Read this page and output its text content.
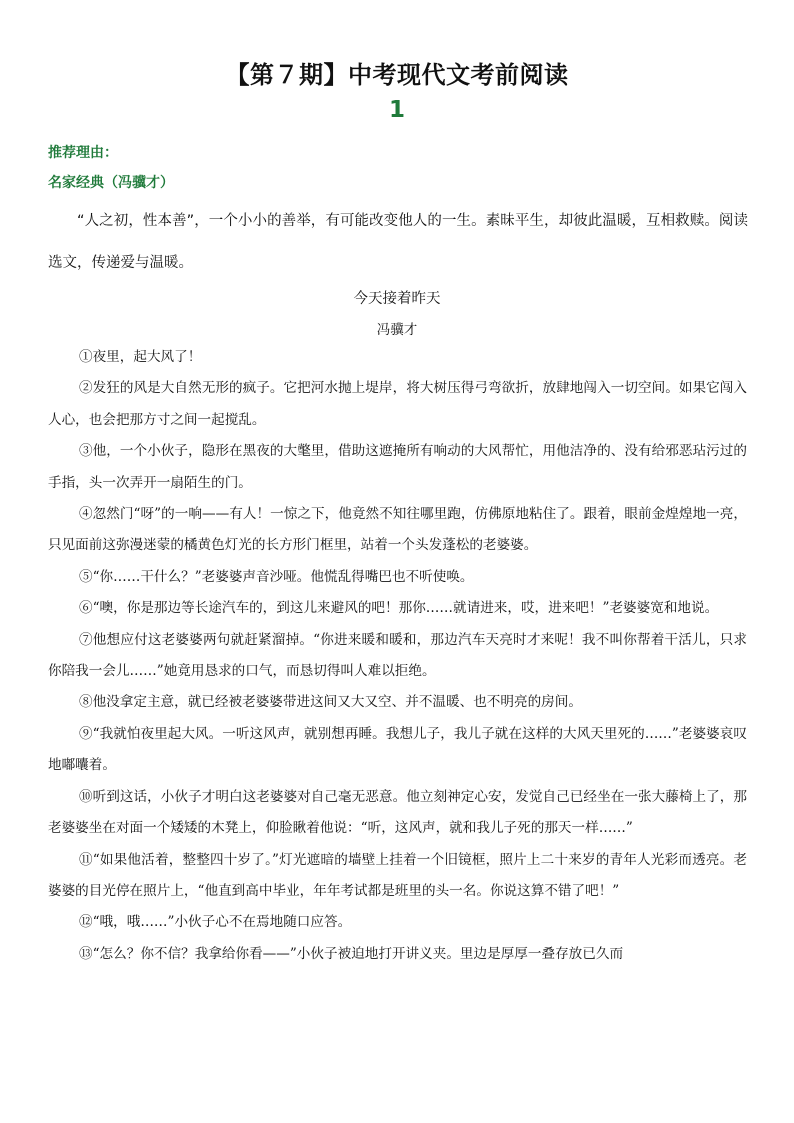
【第７期】中考现代文考前阅读
1
推荐理由：
名家经典（冯骥才）
“人之初，性本善”，一个小小的善举，有可能改变他人的一生。素昧平生，却彼此温暖，互相救赎。阅读选文，传递爱与温暖。
今天接着昨天
冯骥才

①夜里，起大风了！

②发狂的风是大自然无形的疯子。它把河水抛上堤岸，将大树压得弓弯欲折，放肆地闯入一切空间。如果它闯入人心，也会把那方寸之间一起搅乱。

③他，一个小伙子，隐形在黑夜的大氅里，借助这遮掩所有响动的大风帮忙，用他洁净的、没有给邪恶玷污过的手指，头一次弄开一扇陌生的门。

④忽然门“呀”的一响——有人！一惊之下，他竟然不知往哪里跑，仿佛原地粘住了。跟着，眼前金煌煌地一亮，只见面前这弥漫迷蒙的橘黄色灯光的长方形门框里，站着一个头发蓬松的老婆婆。

⑤“你……干什么？”老婆婆声音沙哑。他慌乱得嘴巴也不听使唤。

⑥“噢，你是那边等长途汽车的，到这儿来避风的吧！那你……就请进来，哎，进来吧！”老婆婆宽和地说。

⑦他想应付这老婆婆两句就赶紧溜掉。“你进来暖和暖和，那边汽车天亮时才来呢！我不叫你帮着干活儿，只求你陪我一会儿……”她竟用恳求的口气，而恳切得叫人难以拒绝。

⑧他没拿定主意，就已经被老婆婆带进这间又大又空、并不温暖、也不明亮的房间。

⑨“我就怕夜里起大风。一听这风声，就别想再睡。我想儿子，我儿子就在这样的大风天里死的……”老婆婆哀叹地嘟囔着。

⑩听到这话，小伙子才明白这老婆婆对自己毫无恶意。他立刻神定心安，发觉自己已经坐在一张大藤椅上了，那老婆婆坐在对面一个矮矮的木凳上，仰脸瞅着他说：“听，这风声，就和我儿子死的那天一样……”

⑪“如果他活着，整整四十岁了。”灯光遮暗的墙壁上挂着一个旧镜框，照片上二十来岁的青年人光彩而透亮。老婆婆的目光停在照片上，“他直到高中毕业，年年考试都是班里的头一名。你说这算不错了吧！”

⑫“哦，哦……”小伙子心不在焉地随口应答。

⑬“怎么？你不信？我拿给你看——”小伙子被迫地打开讲义夹。里边是厚厚一叠存放已久而
